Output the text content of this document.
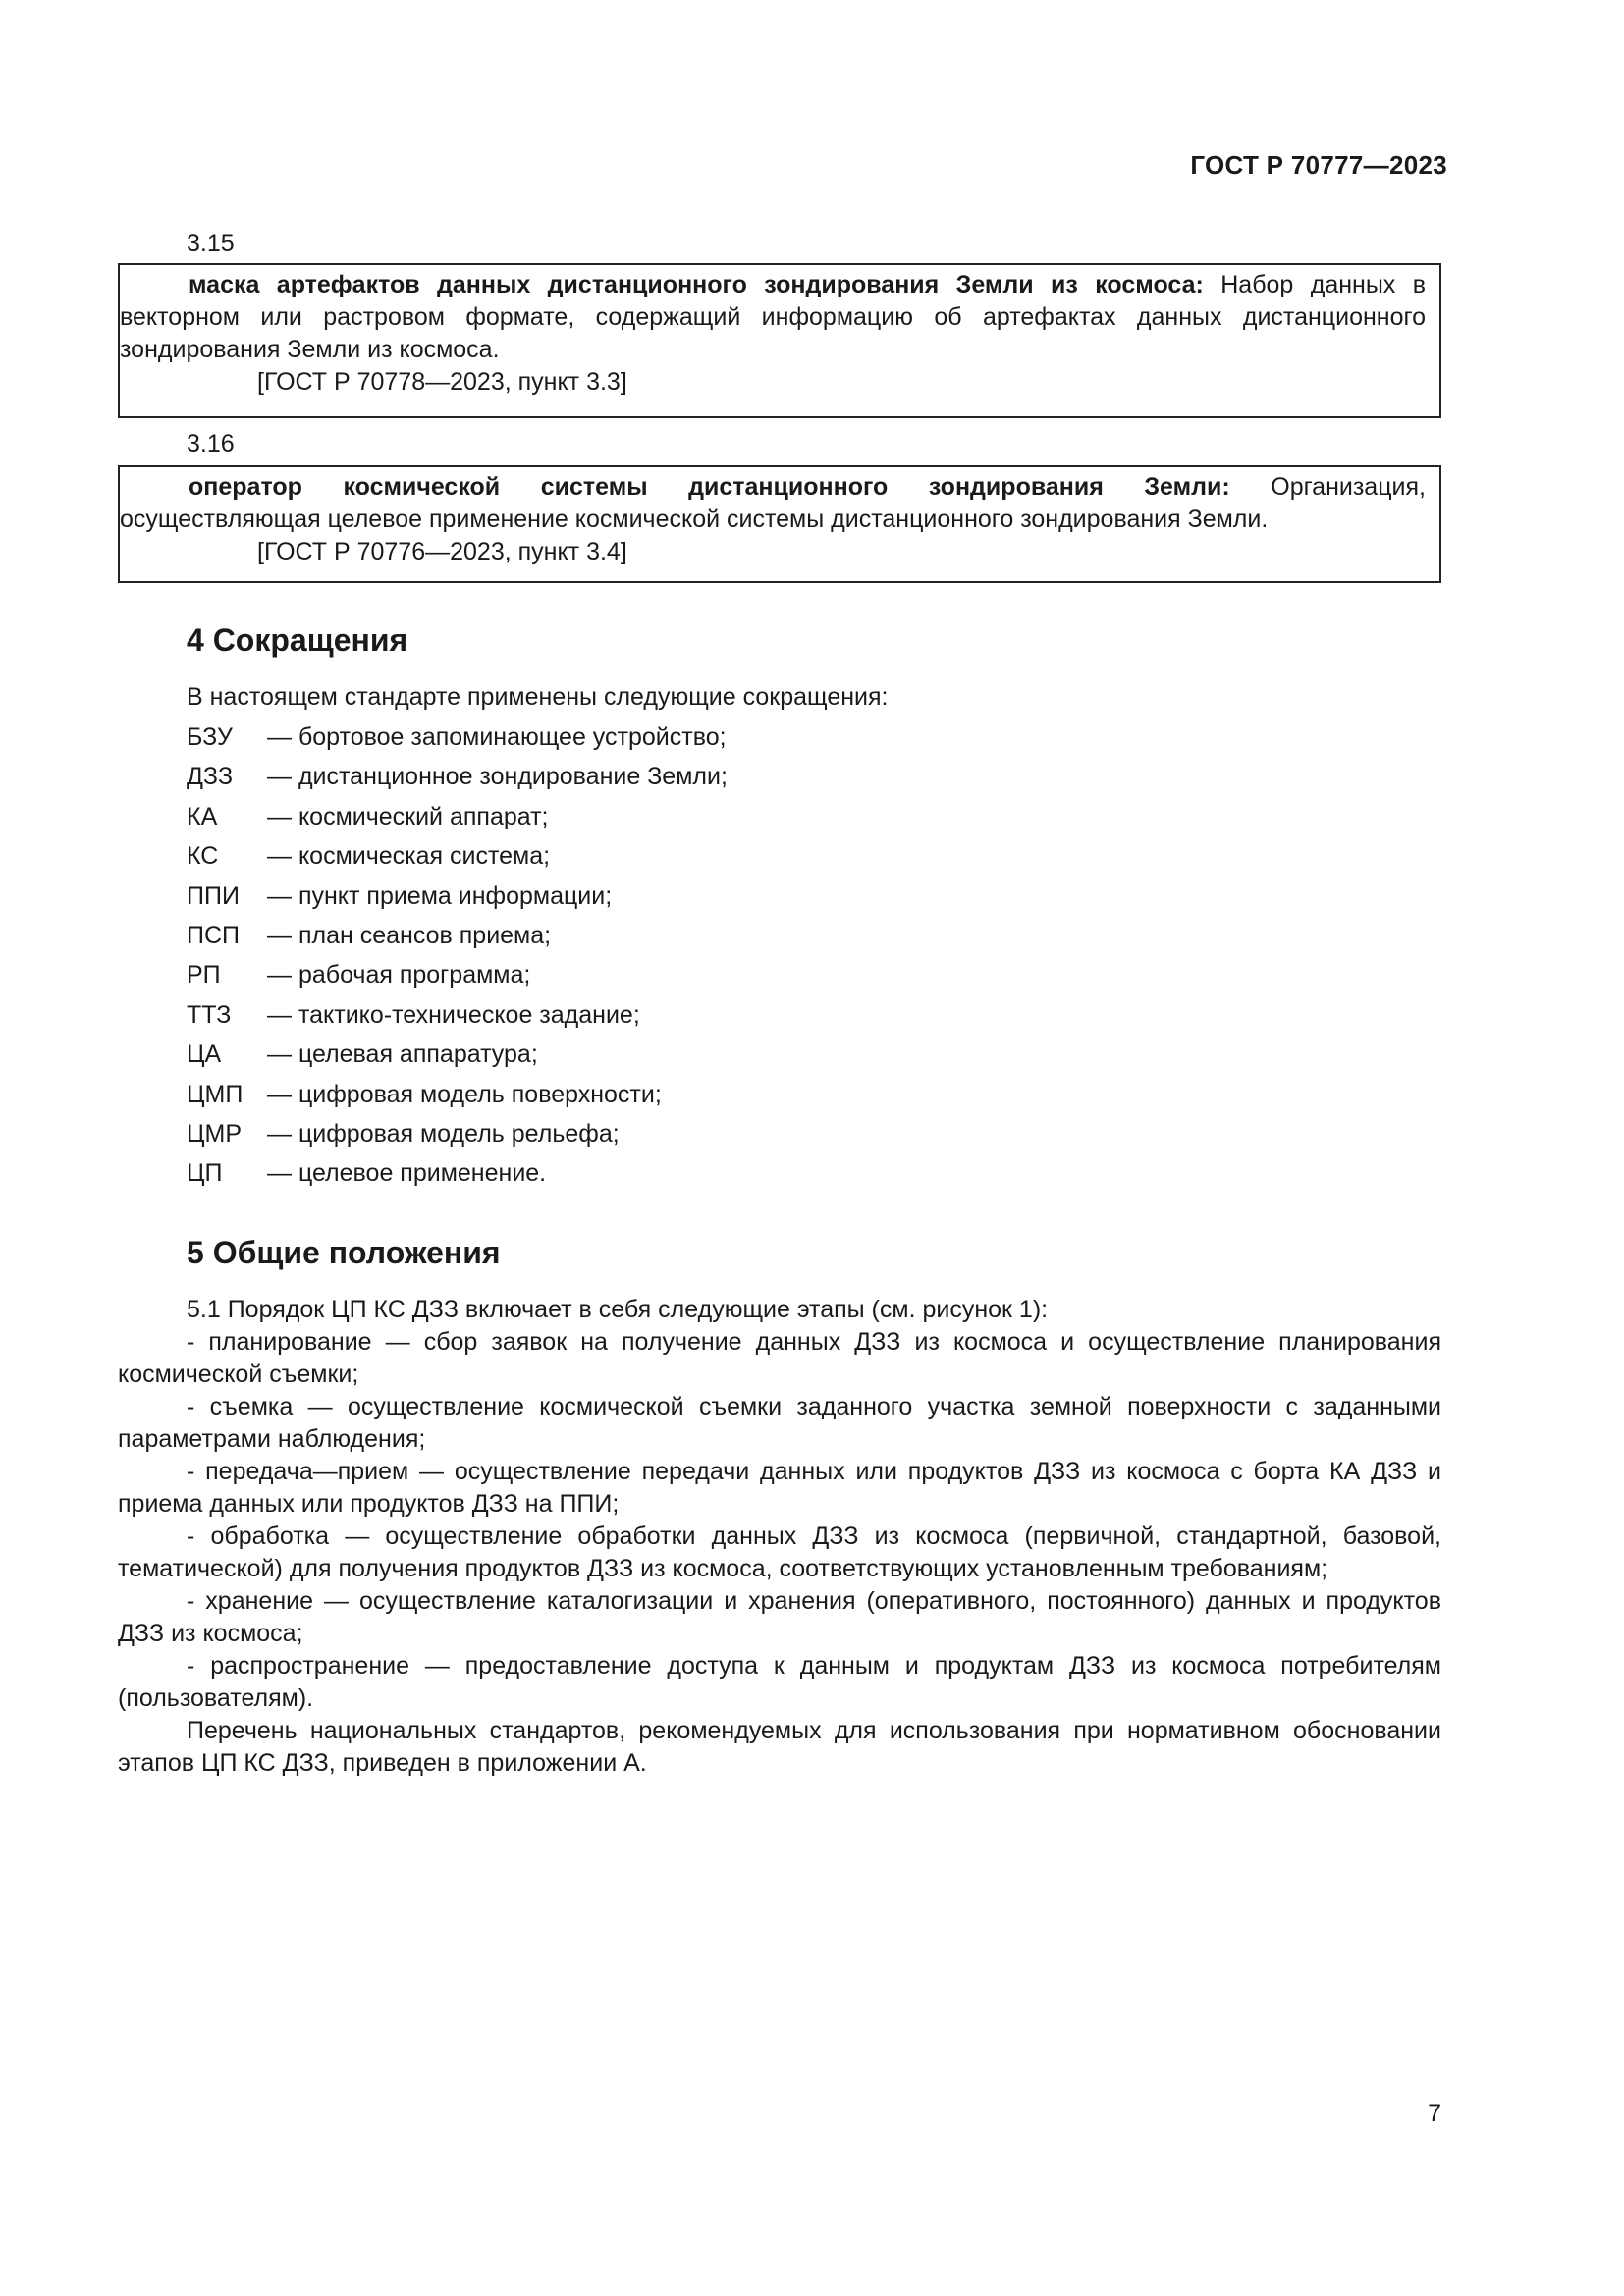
ГОСТ Р 70777—2023
3.15

маска артефактов данных дистанционного зондирования Земли из космоса: Набор данных в векторном или растровом формате, содержащий информацию об артефактах данных дистанционного зондирования Земли из космоса.

[ГОСТ Р 70778—2023, пункт 3.3]

3.16

оператор космической системы дистанционного зондирования Земли: Организация, осуществляющая целевое применение космической системы дистанционного зондирования Земли.

[ГОСТ Р 70776—2023, пункт 3.4]

4 Сокращения
В настоящем стандарте применены следующие сокращения:
БЗУ	— бортовое запоминающее устройство;
ДЗЗ	— дистанционное зондирование Земли;
КА	— космический аппарат;
КС	— космическая система;
ППИ	— пункт приема информации;
ПСП	— план сеансов приема;
РП	— рабочая программа;
ТТЗ	— тактико-техническое задание;
ЦА	— целевая аппаратура;
ЦМП — цифровая модель поверхности;
ЦМР	— цифровая модель рельефа;
ЦП	— целевое применение.
5 Общие положения

5.1 Порядок ЦП КС ДЗЗ включает в себя следующие этапы (см. рисунок 1):

- планирование — сбор заявок на получение данных ДЗЗ из космоса и осуществление планирования космической съемки;

- съемка — осуществление космической съемки заданного участка земной поверхности с заданными параметрами наблюдения;

- передача—прием — осуществление передачи данных или продуктов ДЗЗ из космоса с борта КА ДЗЗ и приема данных или продуктов ДЗЗ на ППИ;

- обработка — осуществление обработки данных ДЗЗ из космоса (первичной, стандартной, базовой, тематической) для получения продуктов ДЗЗ из космоса, соответствующих установленным требованиям;

- хранение — осуществление каталогизации и хранения (оперативного, постоянного) данных и продуктов ДЗЗ из космоса;

- распространение — предоставление доступа к данным и продуктам ДЗЗ из космоса потребителям (пользователям).

Перечень национальных стандартов, рекомендуемых для использования при нормативном обосновании этапов ЦП КС ДЗЗ, приведен в приложении А.

7
